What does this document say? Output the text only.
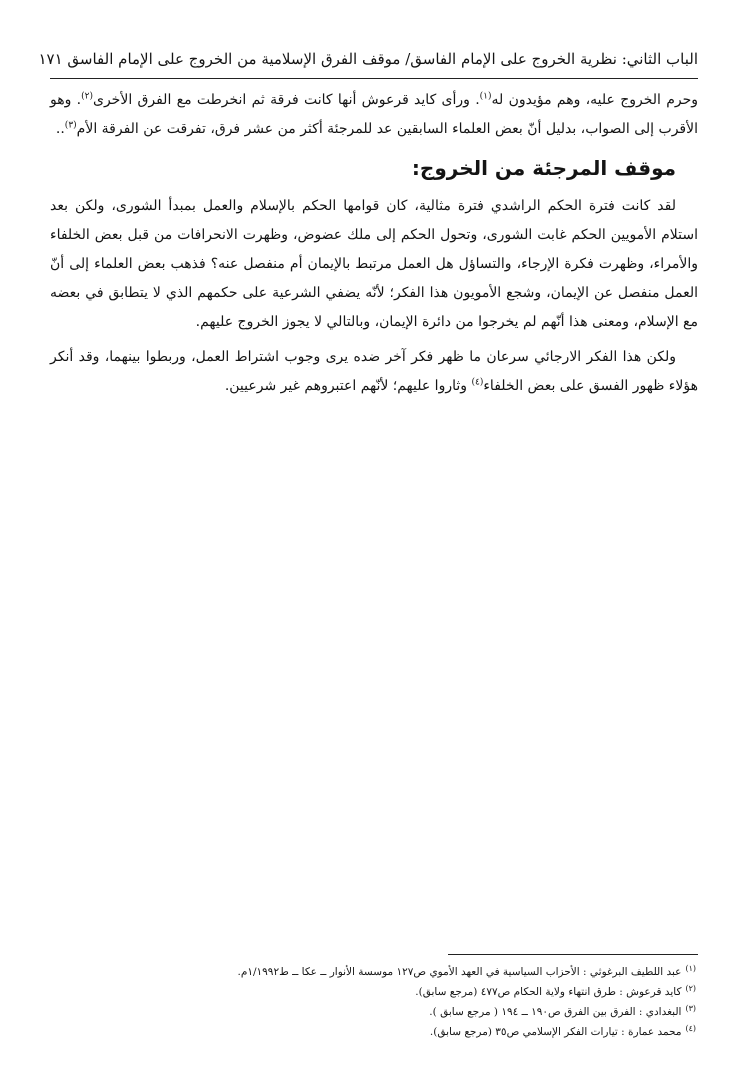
الباب الثاني: نظرية الخروج على الإمام الفاسق/ موقف الفرق الإسلامية من الخروج على الإمام الفاسق ١٧١

وحرم الخروج عليه، وهم مؤيدون له$^{(١)}$. ورأى كايد قرعوش أنها كانت فرقة ثم انخرطت مع الفرق الأخرى$^{(٢)}$. وهو الأقرب إلى الصواب، بدليل أنّ بعض العلماء السابقين عد للمرجئة أكثر من عشر فرق، تفرقت عن الفرقة الأم$^{(٣)}$..

موقف المرجئة من الخروج:

لقد كانت فترة الحكم الراشدي فترة مثالية، كان قوامها الحكم بالإسلام والعمل بمبدأ الشورى، ولكن بعد استلام الأمويين الحكم غابت الشورى، وتحول الحكم إلى ملك عضوض، وظهرت الانحرافات من قبل بعض الخلفاء والأمراء، وظهرت فكرة الإرجاء، والتساؤل هل العمل مرتبط بالإيمان أم منفصل عنه؟ فذهب بعض العلماء إلى أنّ العمل منفصل عن الإيمان، وشجع الأمويون هذا الفكر؛ لأنّه يضفي الشرعية على حكمهم الذي لا يتطابق في بعضه مع الإسلام، ومعنى هذا أنّهم لم يخرجوا من دائرة الإيمان، وبالتالي لا يجوز الخروج عليهم.

ولكن هذا الفكر الارجائي سرعان ما ظهر فكر آخر ضده يرى وجوب اشتراط العمل، وربطوا بينهما، وقد أنكر هؤلاء ظهور الفسق على بعض الخلفاء$^{(٤)}$ وثاروا عليهم؛ لأنّهم اعتبروهم غير شرعيين.

$^{(١)}$عبد اللطيف البرغوثي : الأحزاب السياسية في العهد الأموي ص١٢٧ موسسة الأنوار ــ عكا ــ ط١/١٩٩٢م.
$^{(٢)}$كايد قرعوش : طرق انتهاء ولاية الحكام ص٤٧٧ (مرجع سابق).
$^{(٣)}$البغدادي : الفرق بين الفرق ص١٩٠ ــ ١٩٤ ( مرجع سابق ).
$^{(٤)}$محمد عمارة : تيارات الفكر الإسلامي ص٣٥ (مرجع سابق).
